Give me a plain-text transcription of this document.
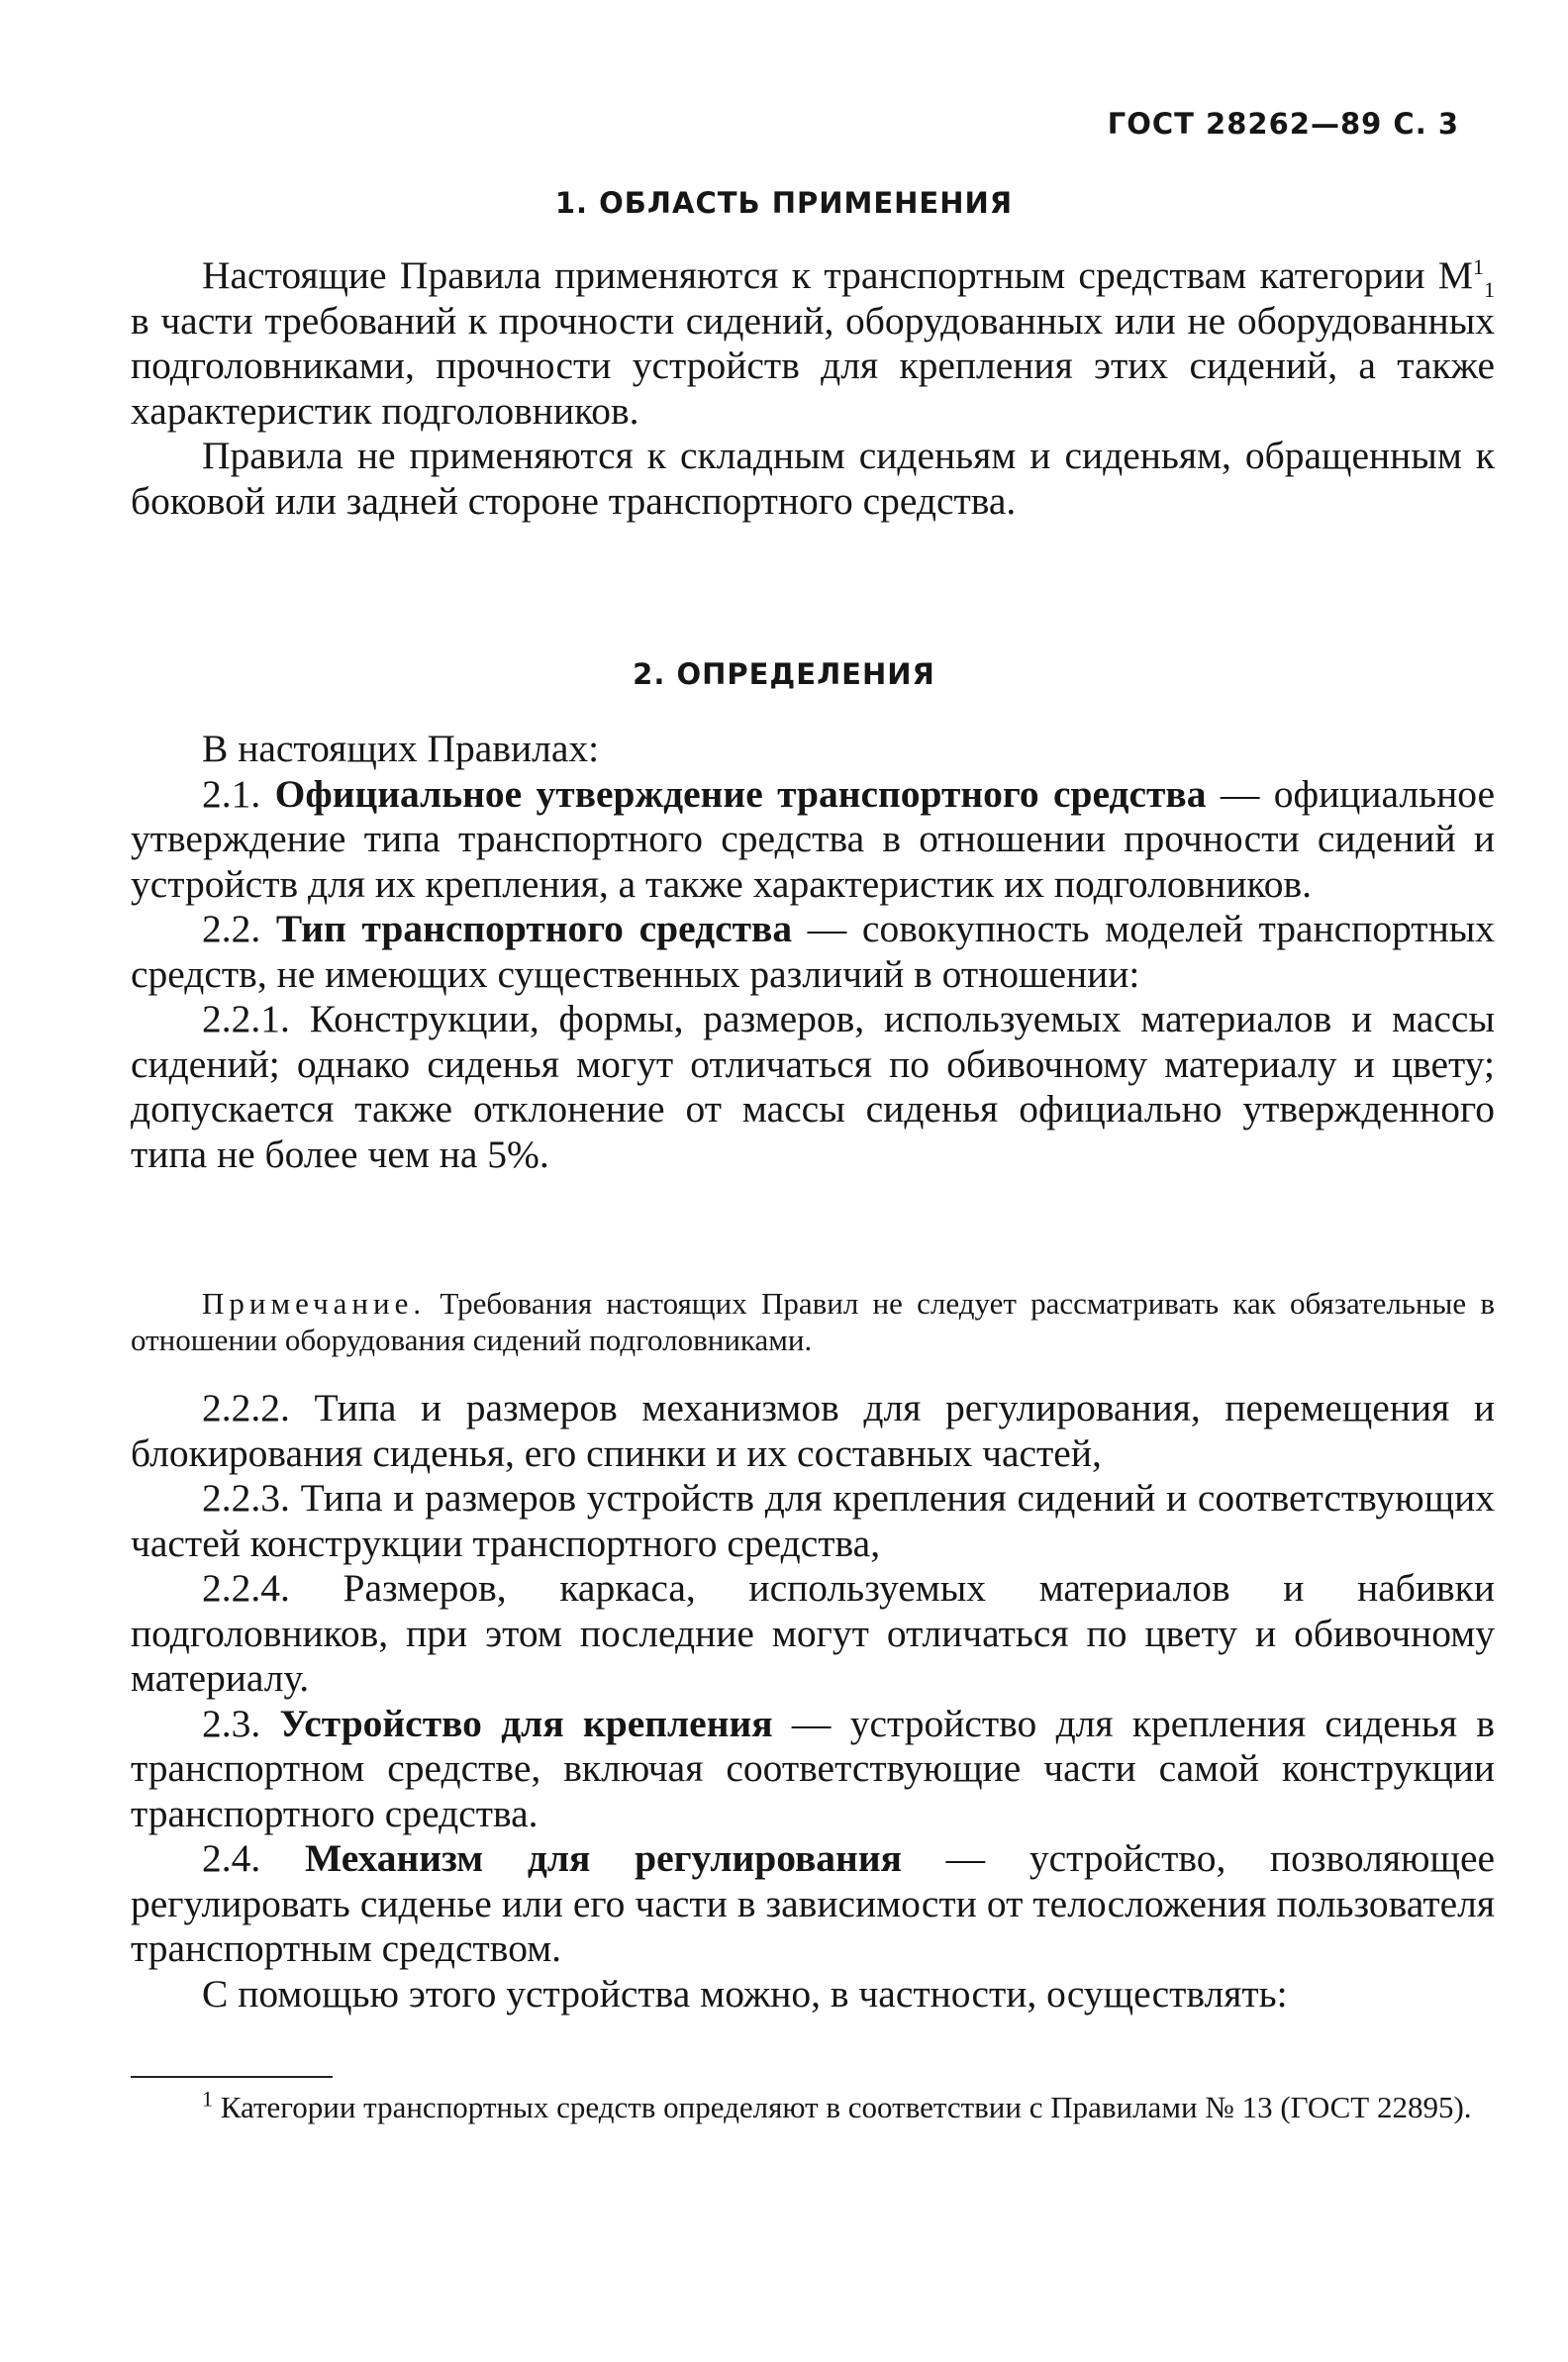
ГОСТ 28262—89 С. 3
1. ОБЛАСТЬ ПРИМЕНЕНИЯ

Настоящие Правила применяются к транспортным средствам категории $М^1_1$ в части требований к прочности сидений, оборудованных или не оборудованных подголовниками, прочности устройств для крепления этих сидений, а также характеристик подголовников.

Правила не применяются к складным сиденьям и сиденьям, обращенным к боковой или задней стороне транспортного средства.

2. ОПРЕДЕЛЕНИЯ

В настоящих Правилах:

2.1. Официальное утверждение транспортного средства — официальное утверждение типа транспортного средства в отношении прочности сидений и устройств для их крепления, а также характеристик их подголовников.

2.2. Тип транспортного средства — совокупность моделей транспортных средств, не имеющих существенных различий в отношении:

2.2.1. Конструкции, формы, размеров, используемых материалов и массы сидений; однако сиденья могут отличаться по обивочному материалу и цвету; допускается также отклонение от массы сиденья официально утвержденного типа не более чем на 5%.

Примечание. Требования настоящих Правил не следует рассматривать как обязательные в отношении оборудования сидений подголовниками.

2.2.2. Типа и размеров механизмов для регулирования, перемещения и блокирования сиденья, его спинки и их составных частей,

2.2.3. Типа и размеров устройств для крепления сидений и соответствующих частей конструкции транспортного средства,

2.2.4. Размеров, каркаса, используемых материалов и набивки подголовников, при этом последние могут отличаться по цвету и обивочному материалу.

2.3. Устройство для крепления — устройство для крепления сиденья в транспортном средстве, включая соответствующие части самой конструкции транспортного средства.

2.4. Механизм для регулирования — устройство, позволяющее регулировать сиденье или его части в зависимости от телосложения пользователя транспортным средством.

С помощью этого устройства можно, в частности, осуществлять:

$^1$ Категории транспортных средств определяют в соответствии с Правилами № 13 (ГОСТ 22895).
